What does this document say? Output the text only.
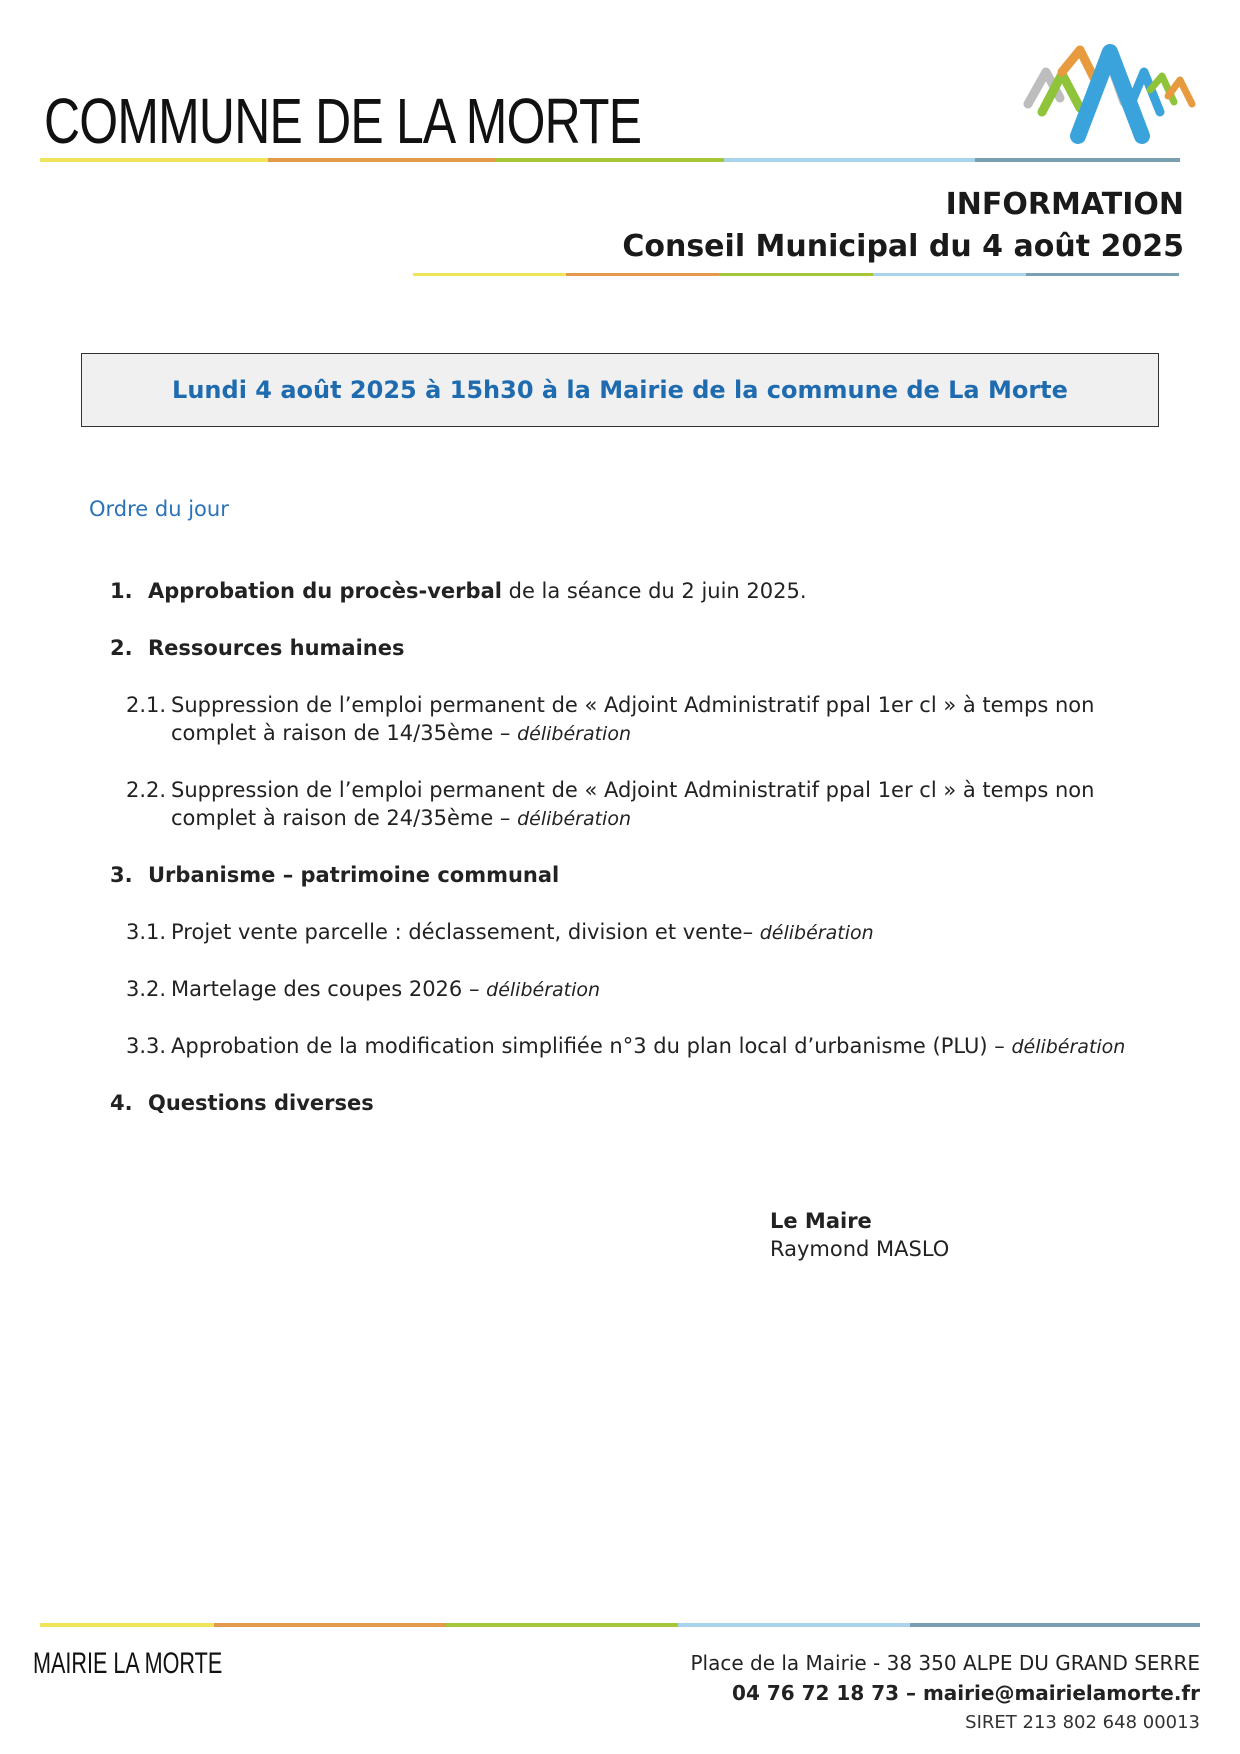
COMMUNE DE LA MORTE
INFORMATION
Conseil Municipal du 4 août 2025
Lundi 4 août 2025 à 15h30 à la Mairie de la commune de La Morte
Ordre du jour
1. Approbation du procès-verbal de la séance du 2 juin 2025.
2. Ressources humaines
2.1. Suppression de l’emploi permanent de « Adjoint Administratif ppal 1er cl » à temps non complet à raison de 14/35ème – délibération
2.2. Suppression de l’emploi permanent de « Adjoint Administratif ppal 1er cl » à temps non complet à raison de 24/35ème – délibération
3. Urbanisme – patrimoine communal
3.1. Projet vente parcelle : déclassement, division et vente– délibération
3.2. Martelage des coupes 2026 – délibération
3.3. Approbation de la modification simplifiée n°3 du plan local d’urbanisme (PLU) – délibération
4. Questions diverses
Le Maire
Raymond MASLO
MAIRIE LA MORTE	Place de la Mairie - 38 350 ALPE DU GRAND SERRE
04 76 72 18 73 – mairie@mairielamorte.fr
SIRET 213 802 648 00013
